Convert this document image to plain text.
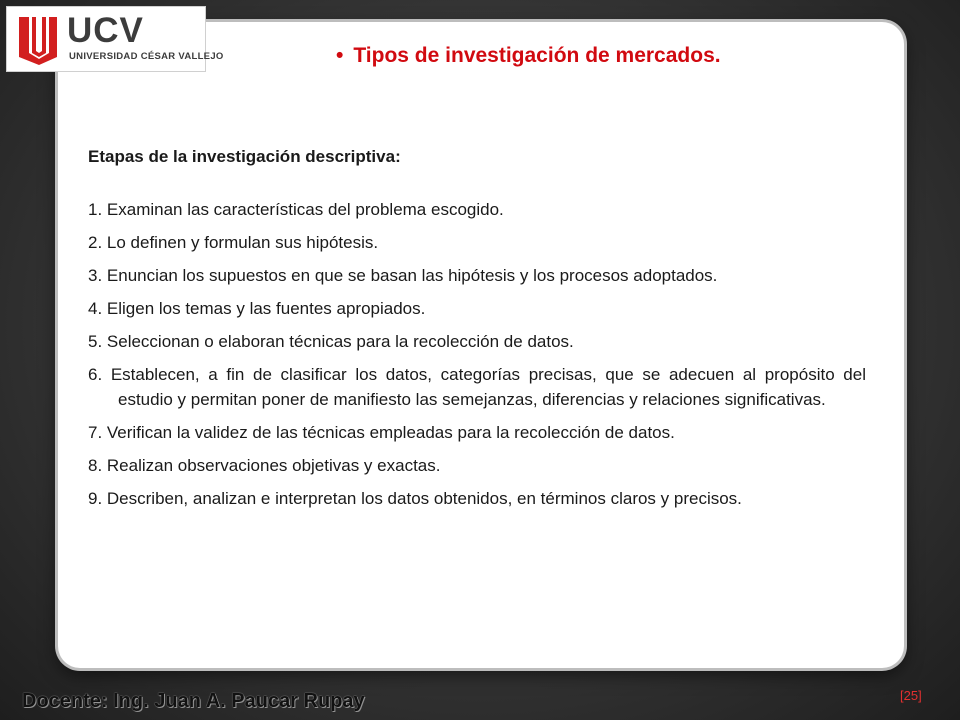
UCV
UNIVERSIDAD CÉSAR VALLEJO	• Tipos de investigación de mercados.
Etapas de la investigación descriptiva:
1. Examinan las características del problema escogido.
2. Lo definen y formulan sus hipótesis.
3. Enuncian los supuestos en que se basan las hipótesis y los procesos adoptados.
4. Eligen los temas y las fuentes apropiados.
5. Seleccionan o elaboran técnicas para la recolección de datos.
6. Establecen, a fin de clasificar los datos, categorías precisas, que se adecuen al propósito del estudio y permitan poner de manifiesto las semejanzas, diferencias y relaciones significativas.
7. Verifican la validez de las técnicas empleadas para la recolección de datos.
8. Realizan observaciones objetivas y exactas.
9. Describen, analizan e interpretan los datos obtenidos, en términos claros y precisos.
Docente: Ing. Juan A. Paucar Rupay	[25]
